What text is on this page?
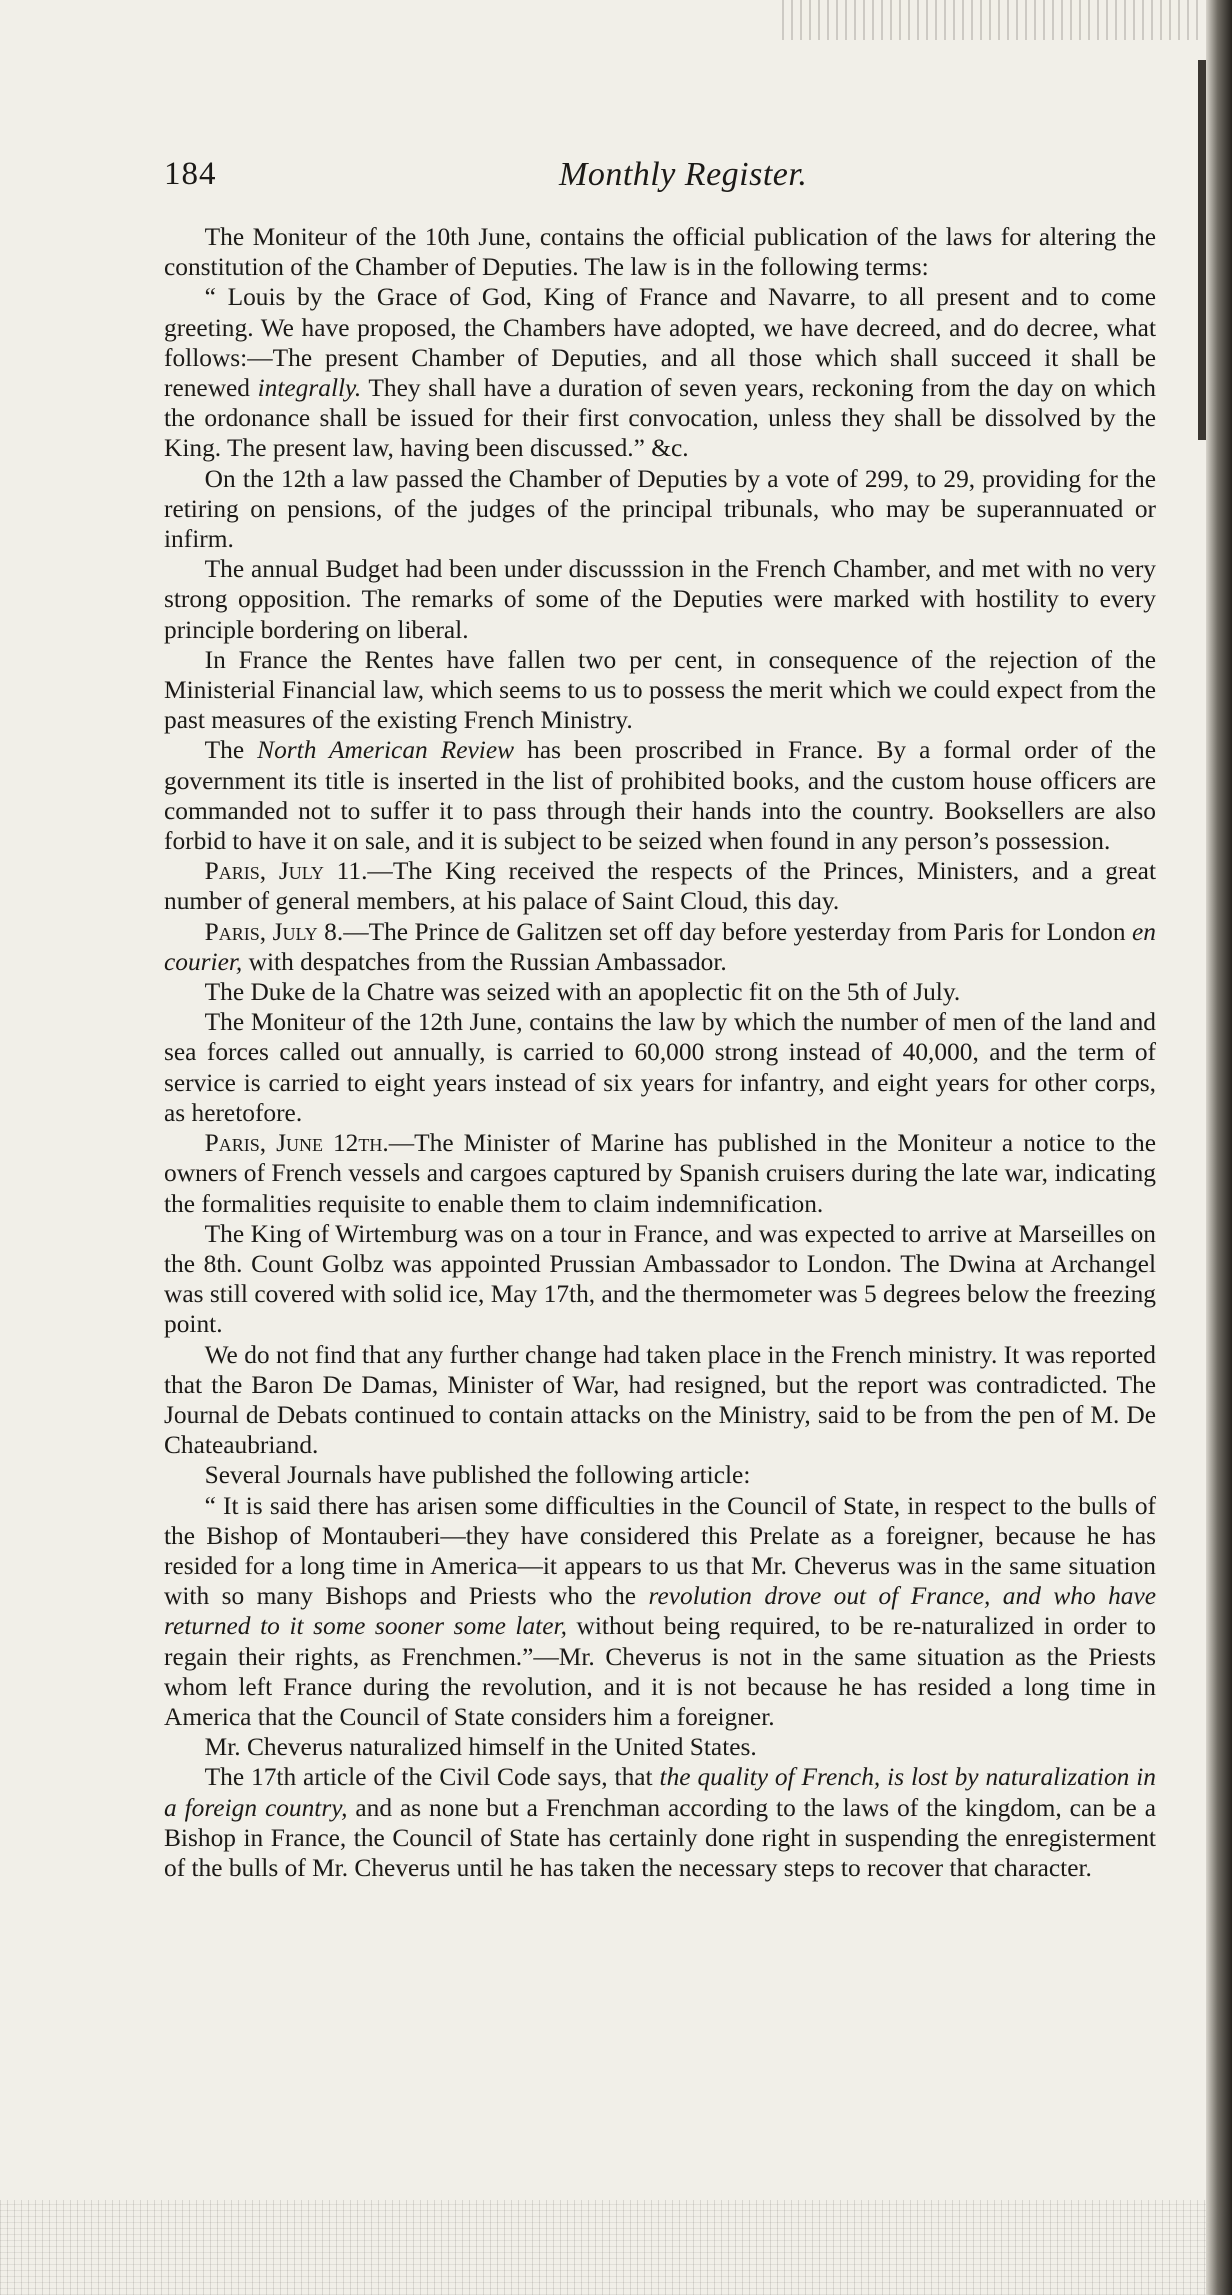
184	Monthly Register.

The Moniteur of the 10th June, contains the official publication of the laws for altering the constitution of the Chamber of Deputies. The law is in the following terms:

“ Louis by the Grace of God, King of France and Navarre, to all present and to come greeting. We have proposed, the Chambers have adopted, we have decreed, and do decree, what follows:—The present Chamber of Deputies, and all those which shall succeed it shall be renewed integrally. They shall have a duration of seven years, reckoning from the day on which the ordonance shall be issued for their first convocation, unless they shall be dissolved by the King. The present law, having been discussed.” &c.

On the 12th a law passed the Chamber of Deputies by a vote of 299, to 29, providing for the retiring on pensions, of the judges of the principal tribunals, who may be superannuated or infirm.

The annual Budget had been under discusssion in the French Chamber, and met with no very strong opposition. The remarks of some of the Deputies were marked with hostility to every principle bordering on liberal.

In France the Rentes have fallen two per cent, in consequence of the rejection of the Ministerial Financial law, which seems to us to possess the merit which we could expect from the past measures of the existing French Ministry.

The North American Review has been proscribed in France. By a formal order of the government its title is inserted in the list of prohibited books, and the custom house officers are commanded not to suffer it to pass through their hands into the country. Booksellers are also forbid to have it on sale, and it is subject to be seized when found in any person’s possession.

Paris, July 11.—The King received the respects of the Princes, Ministers, and a great number of general members, at his palace of Saint Cloud, this day.

Paris, July 8.—The Prince de Galitzen set off day before yesterday from Paris for London en courier, with despatches from the Russian Ambassador.

The Duke de la Chatre was seized with an apoplectic fit on the 5th of July.

The Moniteur of the 12th June, contains the law by which the number of men of the land and sea forces called out annually, is carried to 60,000 strong instead of 40,000, and the term of service is carried to eight years instead of six years for infantry, and eight years for other corps, as heretofore.

Paris, June 12th.—The Minister of Marine has published in the Moniteur a notice to the owners of French vessels and cargoes captured by Spanish cruisers during the late war, indicating the formalities requisite to enable them to claim indemnification.

The King of Wirtemburg was on a tour in France, and was expected to arrive at Marseilles on the 8th. Count Golbz was appointed Prussian Ambassador to London. The Dwina at Archangel was still covered with solid ice, May 17th, and the thermometer was 5 degrees below the freezing point.

We do not find that any further change had taken place in the French ministry. It was reported that the Baron De Damas, Minister of War, had resigned, but the report was contradicted. The Journal de Debats continued to contain attacks on the Ministry, said to be from the pen of M. De Chateaubriand.

Several Journals have published the following article:

“ It is said there has arisen some difficulties in the Council of State, in respect to the bulls of the Bishop of Montauberi—they have considered this Prelate as a foreigner, because he has resided for a long time in America—it appears to us that Mr. Cheverus was in the same situation with so many Bishops and Priests who the revolution drove out of France, and who have returned to it some sooner some later, without being required, to be re-naturalized in order to regain their rights, as Frenchmen.”—Mr. Cheverus is not in the same situation as the Priests whom left France during the revolution, and it is not because he has resided a long time in America that the Council of State considers him a foreigner.

Mr. Cheverus naturalized himself in the United States.

The 17th article of the Civil Code says, that the quality of French, is lost by naturalization in a foreign country, and as none but a Frenchman according to the laws of the kingdom, can be a Bishop in France, the Council of State has certainly done right in suspending the enregisterment of the bulls of Mr. Cheverus until he has taken the necessary steps to recover that character.
